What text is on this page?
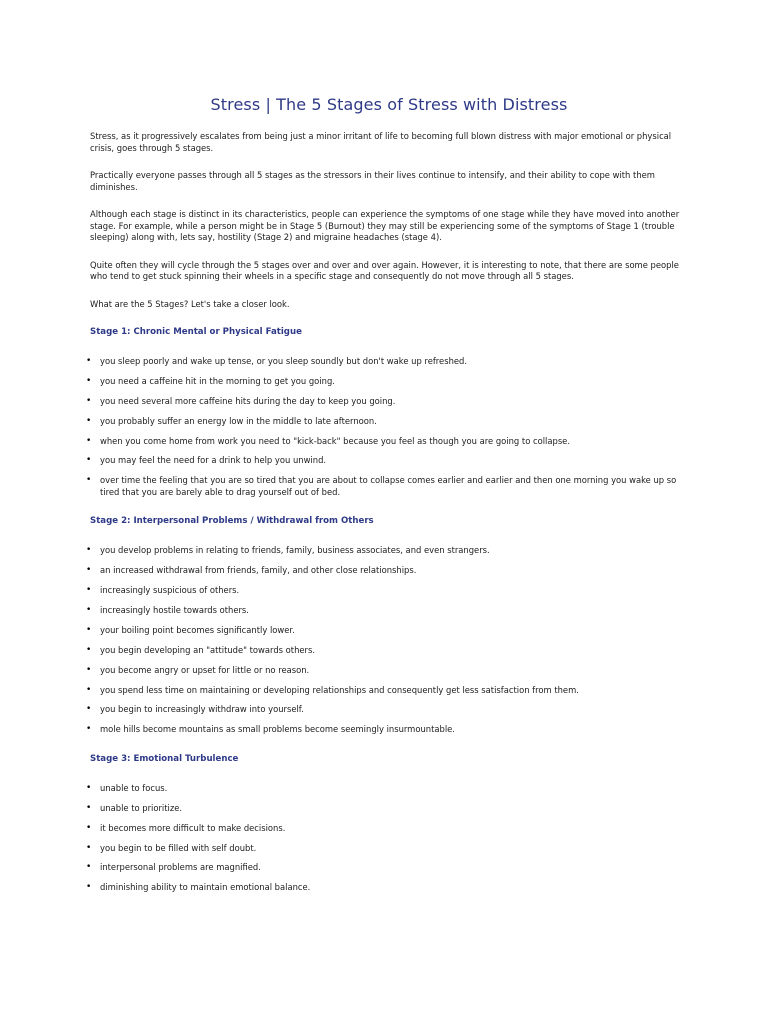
Stress | The 5 Stages of Stress with Distress

Stress, as it progressively escalates from being just a minor irritant of life to becoming full blown distress with major emotional or physical crisis, goes through 5 stages.

Practically everyone passes through all 5 stages as the stressors in their lives continue to intensify, and their ability to cope with them diminishes.

Although each stage is distinct in its characteristics, people can experience the symptoms of one stage while they have moved into another stage. For example, while a person might be in Stage 5 (Burnout) they may still be experiencing some of the symptoms of Stage 1 (trouble sleeping) along with, lets say, hostility (Stage 2) and migraine headaches (stage 4).

Quite often they will cycle through the 5 stages over and over and over again. However, it is interesting to note, that there are some people who tend to get stuck spinning their wheels in a specific stage and consequently do not move through all 5 stages.

What are the 5 Stages? Let's take a closer look.

Stage 1: Chronic Mental or Physical Fatigue
• you sleep poorly and wake up tense, or you sleep soundly but don't wake up refreshed.
• you need a caffeine hit in the morning to get you going.
• you need several more caffeine hits during the day to keep you going.
• you probably suffer an energy low in the middle to late afternoon.
• when you come home from work you need to "kick-back" because you feel as though you are going to collapse.
• you may feel the need for a drink to help you unwind.
• over time the feeling that you are so tired that you are about to collapse comes earlier and earlier and then one morning you wake up so tired that you are barely able to drag yourself out of bed.
Stage 2: Interpersonal Problems / Withdrawal from Others
• you develop problems in relating to friends, family, business associates, and even strangers.
• an increased withdrawal from friends, family, and other close relationships.
• increasingly suspicious of others.
• increasingly hostile towards others.
• your boiling point becomes significantly lower.
• you begin developing an "attitude" towards others.
• you become angry or upset for little or no reason.
• you spend less time on maintaining or developing relationships and consequently get less satisfaction from them.
• you begin to increasingly withdraw into yourself.
• mole hills become mountains as small problems become seemingly insurmountable.
Stage 3: Emotional Turbulence
• unable to focus.
• unable to prioritize.
• it becomes more difficult to make decisions.
• you begin to be filled with self doubt.
• interpersonal problems are magnified.
• diminishing ability to maintain emotional balance.
